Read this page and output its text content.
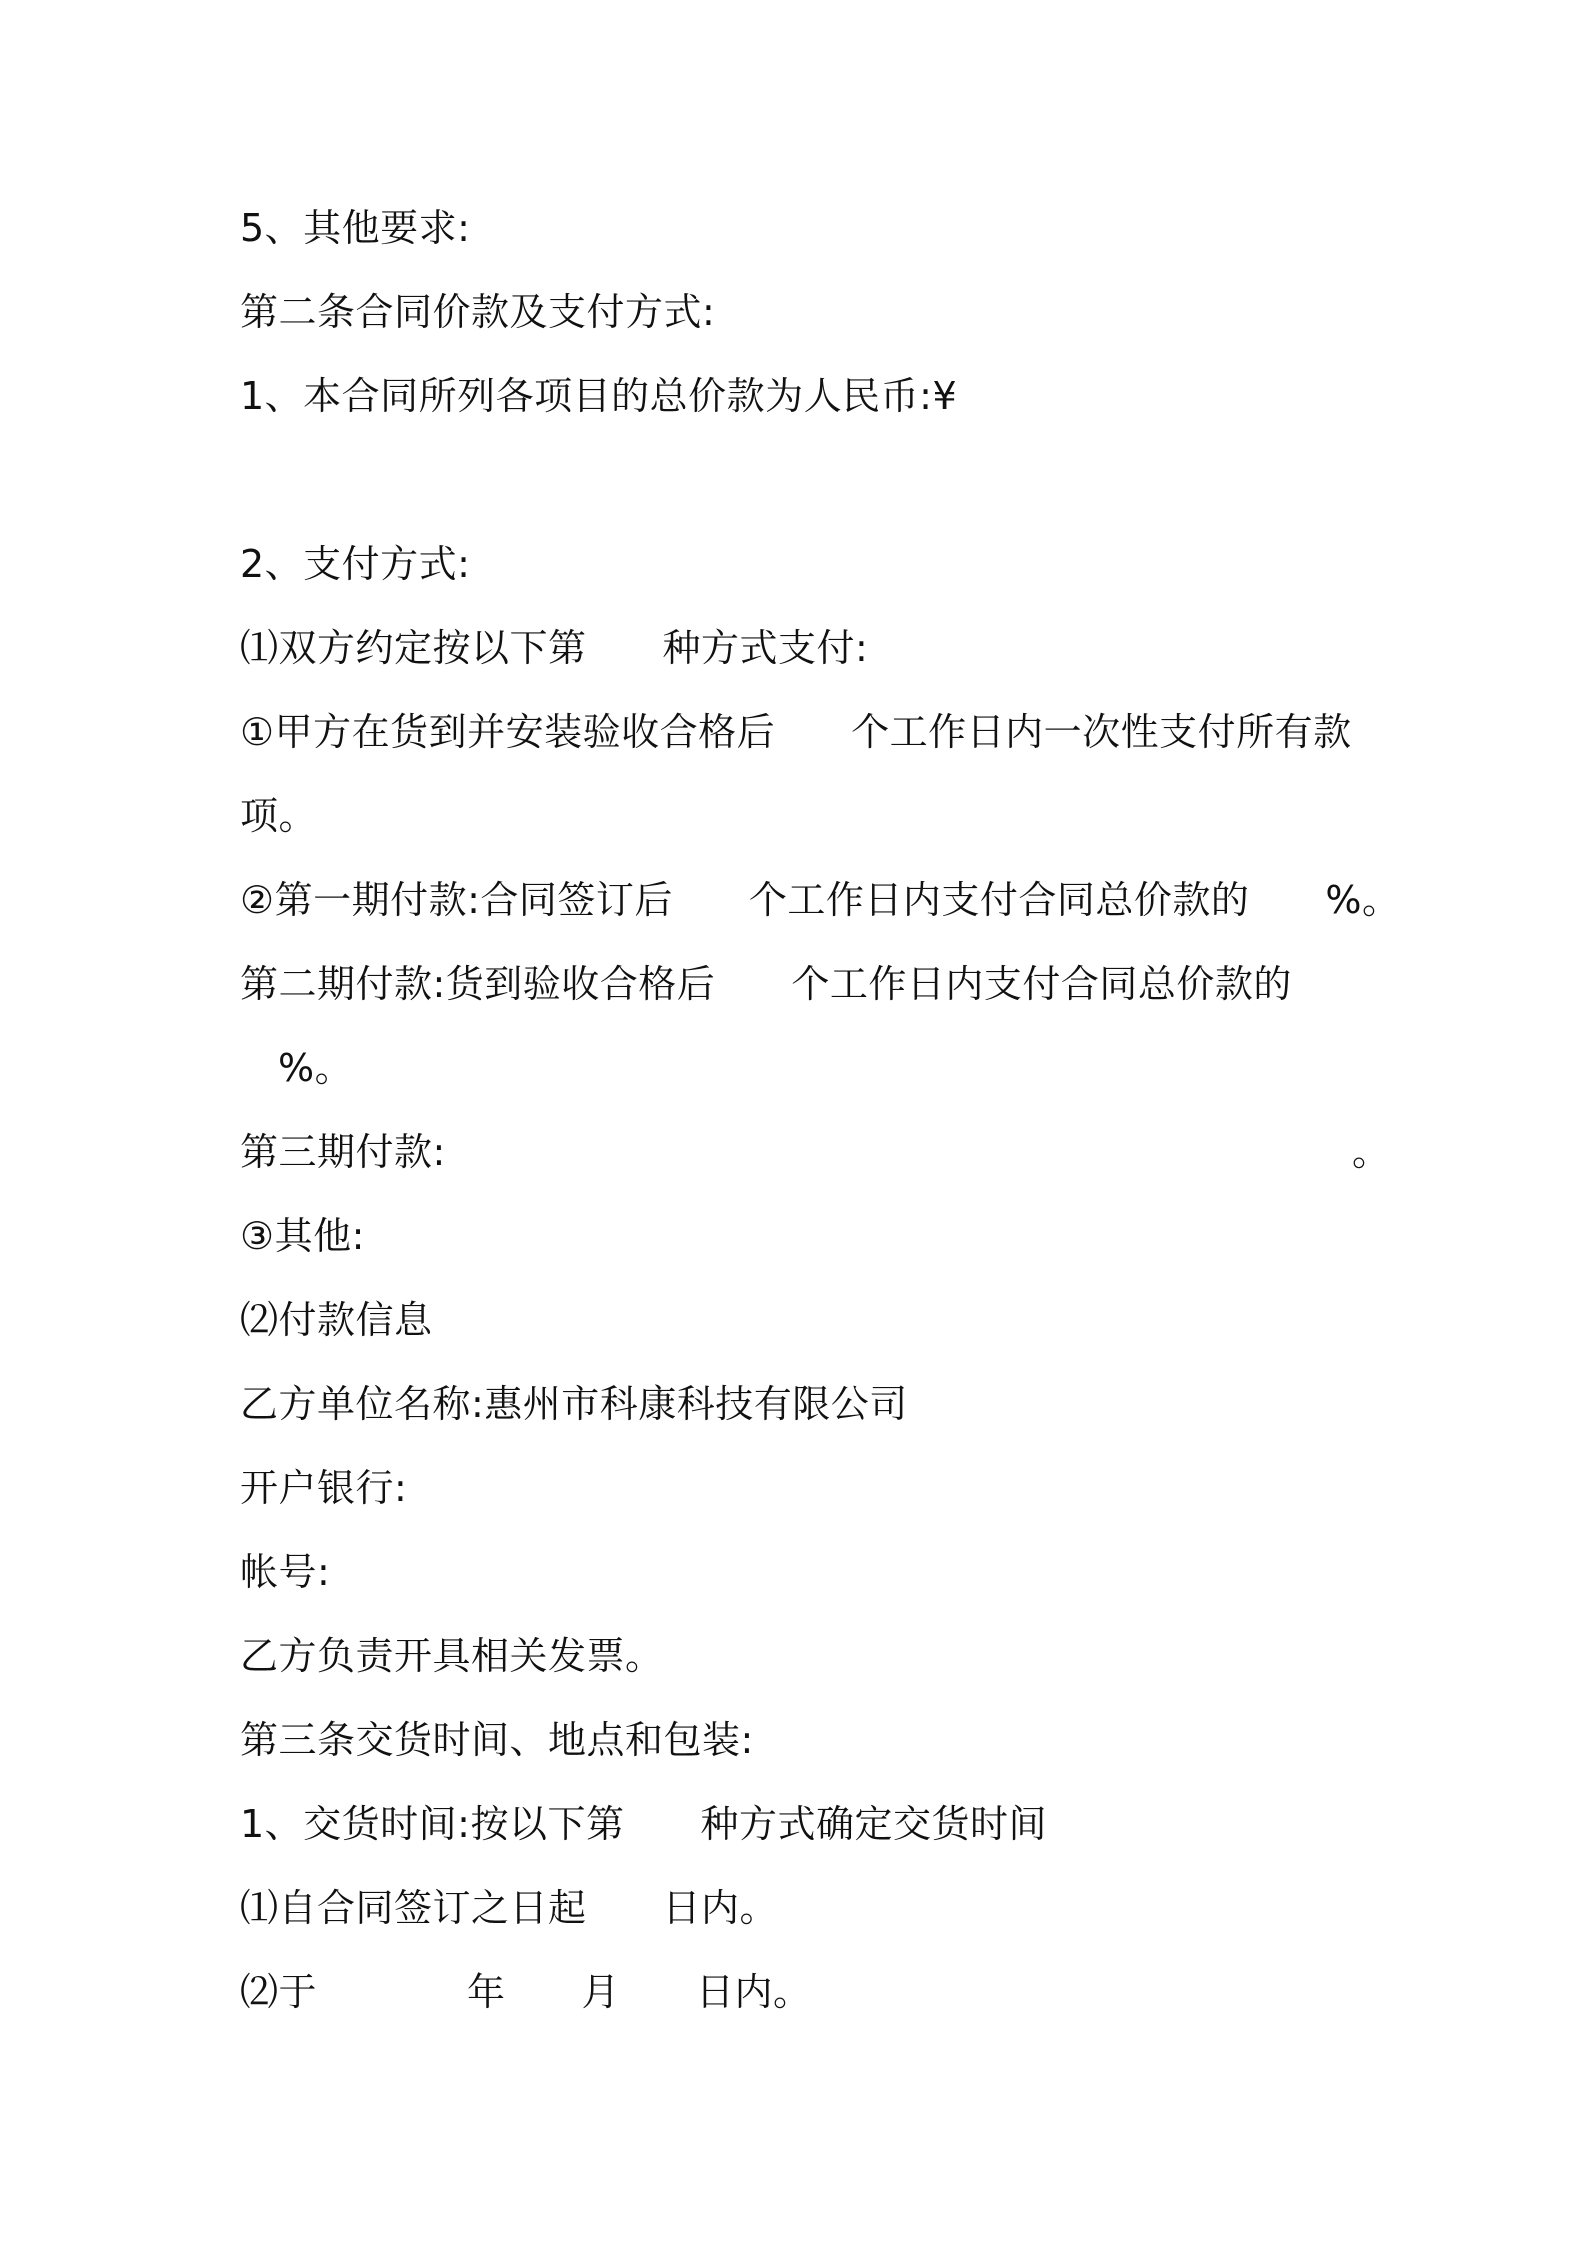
5、其他要求:
第二条合同价款及支付方式:
1、本合同所列各项目的总价款为人民币:¥
2、支付方式:
⑴双方约定按以下第 种方式支付:
①甲方在货到并安装验收合格后 个工作日内一次性支付所有款
项。
②第一期付款:合同签订后 个工作日内支付合同总价款的 %。
第二期付款:货到验收合格后 个工作日内支付合同总价款的
%。
第三期付款:	。
③其他:
⑵付款信息
乙方单位名称:惠州市科康科技有限公司
开户银行:
帐号:
乙方负责开具相关发票。
第三条交货时间、地点和包装:
1、交货时间:按以下第 种方式确定交货时间
⑴自合同签订之日起 日内。
⑵于	年 月 日内。
